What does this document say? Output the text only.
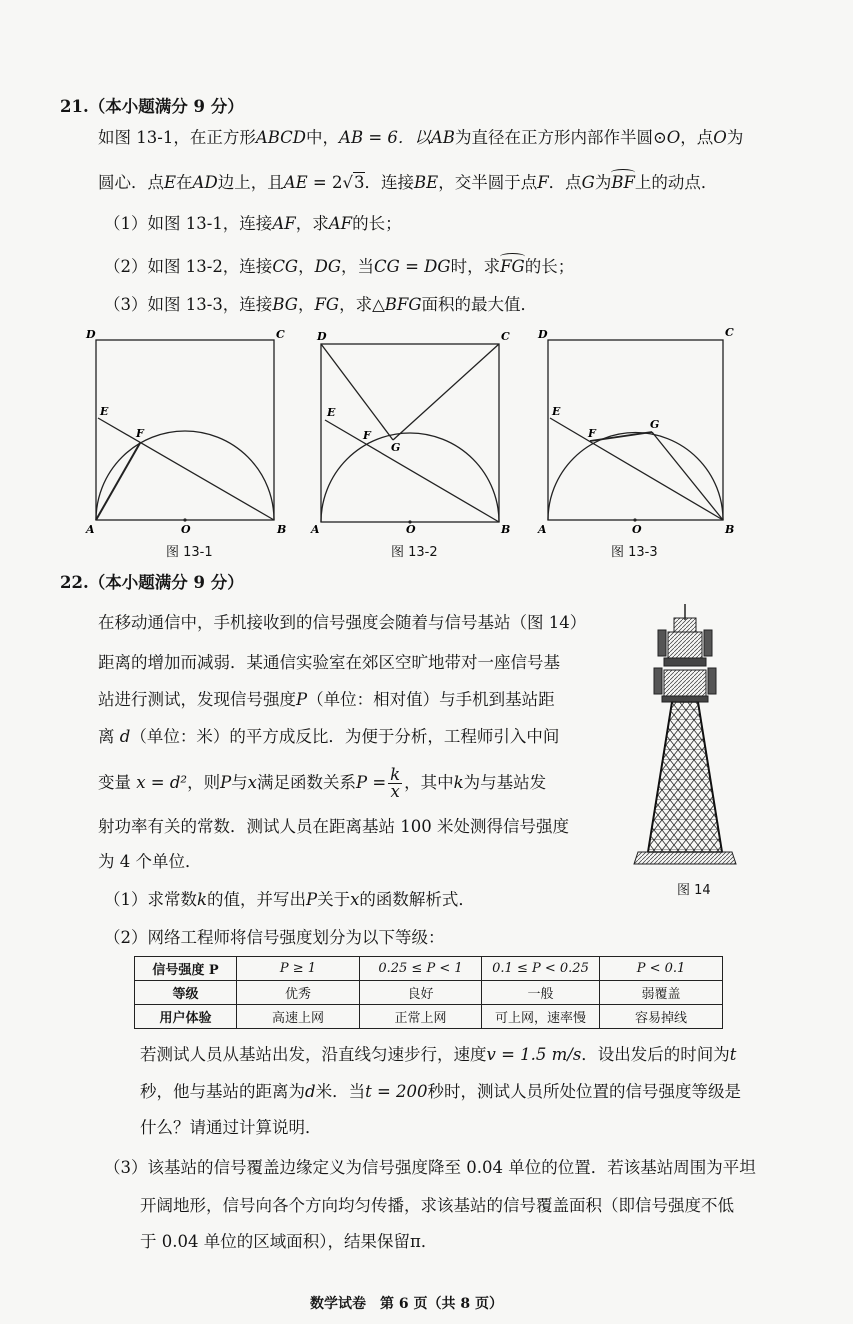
21.（本小题满分 9 分）
如图 13-1，在正方形ABCD中，AB = 6．以AB为直径在正方形内部作半圆⊙O，点O为
圆心．点E在AD边上，且AE = 2√3．连接BE，交半圆于点F．点G为BF上的动点．
（1）如图 13-1，连接AF，求AF的长；
（2）如图 13-2，连接CG，DG，当CG = DG时，求FG的长；
（3）如图 13-3，连接BG，FG，求△BFG面积的最大值．
D	C
E
F
A	O	B
图 13-1
D	C
E
F
G
A	O	B
图 13-2
D	C
E
F
G
A	O	B
图 13-3
22.（本小题满分 9 分）
在移动通信中，手机接收到的信号强度会随着与信号基站（图 14）
距离的增加而减弱．某通信实验室在郊区空旷地带对一座信号基
站进行测试，发现信号强度P（单位：相对值）与手机到基站距
离 d（单位：米）的平方成反比．为便于分析，工程师引入中间
变量 x = d²，则P与x满足函数关系$P = \frac{k}{x}$ ，其中k为与基站发
射功率有关的常数．测试人员在距离基站 100 米处测得信号强度
为 4 个单位．
图 14
（1）求常数k的值，并写出P关于x的函数解析式．
（2）网络工程师将信号强度划分为以下等级：
信号强度 P	P ≥ 1	0.25 ≤ P < 1	0.1 ≤ P < 0.25	P < 0.1
等级	优秀	良好	一般	弱覆盖
用户体验	高速上网	正常上网	可上网，速率慢	容易掉线
若测试人员从基站出发，沿直线匀速步行，速度v = 1.5 m/s．设出发后的时间为t
秒，他与基站的距离为d米．当t = 200秒时，测试人员所处位置的信号强度等级是
什么？请通过计算说明．
（3）该基站的信号覆盖边缘定义为信号强度降至 0.04 单位的位置．若该基站周围为平坦
开阔地形，信号向各个方向均匀传播，求该基站的信号覆盖面积（即信号强度不低
于 0.04 单位的区域面积），结果保留π．
数学试卷　第 6 页（共 8 页）
